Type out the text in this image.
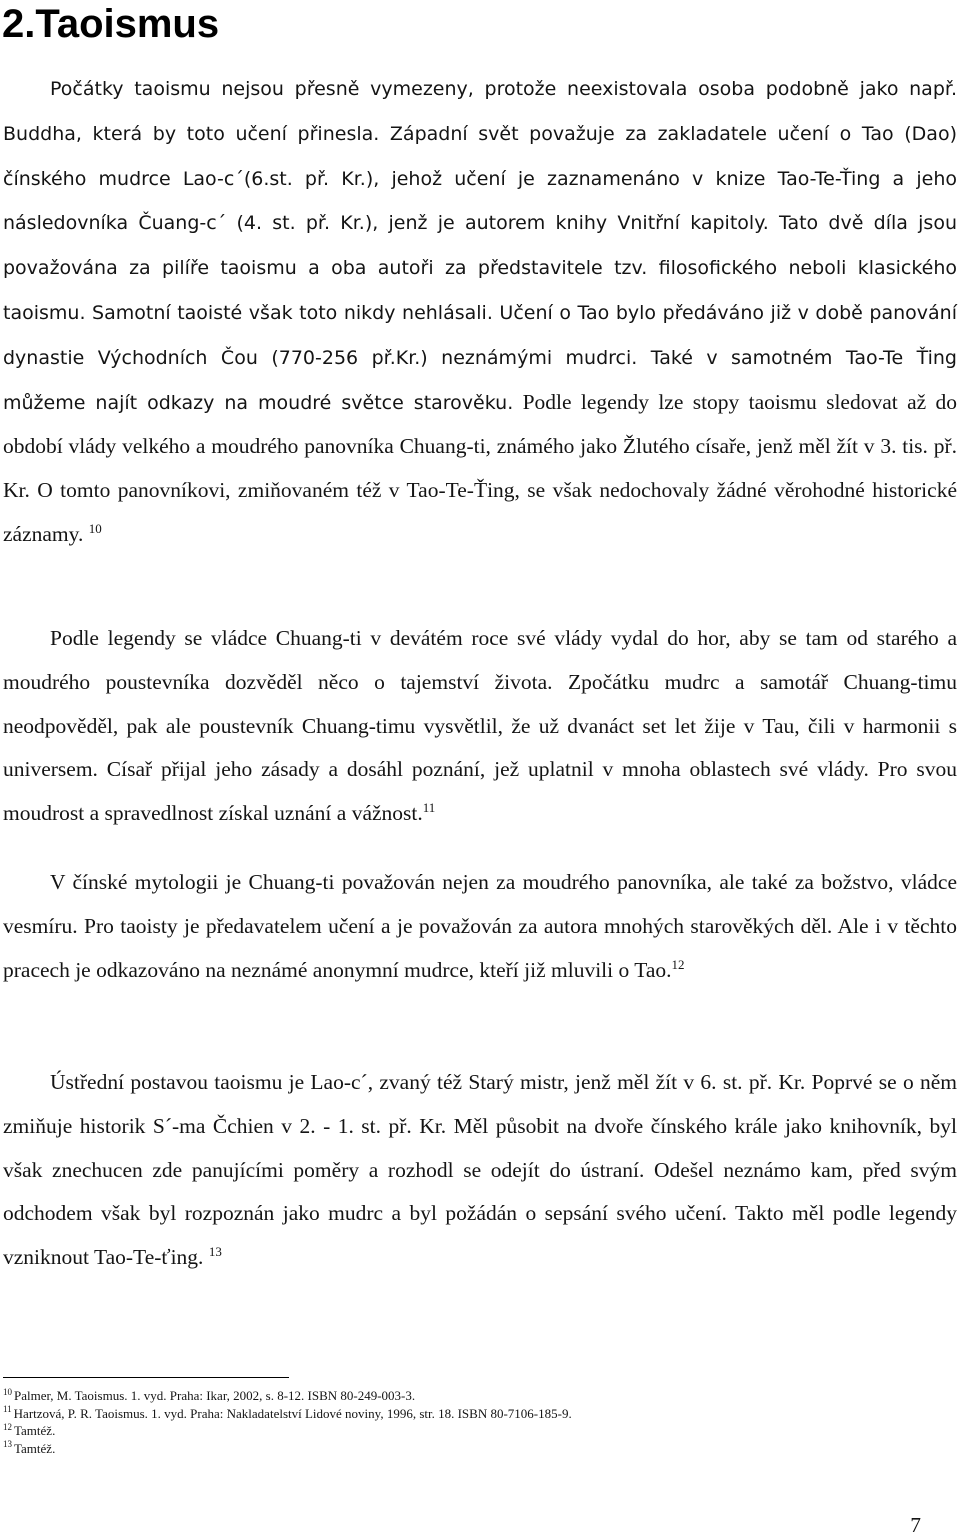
2.Taoismus

Počátky taoismu nejsou přesně vymezeny, protože neexistovala osoba podobně jako např. Buddha, která by toto učení přinesla. Západní svět považuje za zakladatele učení o Tao (Dao) čínského mudrce Lao-c´(6.st. př. Kr.), jehož učení je zaznamenáno v knize Tao-Te-Ťing a jeho následovníka Čuang-c´ (4. st. př. Kr.), jenž je autorem knihy Vnitřní kapitoly. Tato dvě díla jsou považována za pilíře taoismu a oba autoři za představitele tzv. filosofického neboli klasického taoismu. Samotní taoisté však toto nikdy nehlásali. Učení o Tao bylo předáváno již v době panování dynastie Východních Čou (770-256 př.Kr.) neznámými mudrci. Také v samotném Tao-Te Ťing můžeme najít odkazy na moudré světce starověku. Podle legendy lze stopy taoismu sledovat až do období vlády velkého a moudrého panovníka Chuang-ti, známého jako Žlutého císaře, jenž měl žít v 3. tis. př. Kr. O tomto panovníkovi, zmiňovaném též v Tao-Te-Ťing, se však nedochovaly žádné věrohodné historické záznamy. $^{10}$

Podle legendy se vládce Chuang-ti v devátém roce své vlády vydal do hor, aby se tam od starého a moudrého poustevníka dozvěděl něco o tajemství života. Zpočátku mudrc a samotář Chuang-timu neodpověděl, pak ale poustevník Chuang-timu vysvětlil, že už dvanáct set let žije v Tau, čili v harmonii s universem. Císař přijal jeho zásady a dosáhl poznání, jež uplatnil v mnoha oblastech své vlády. Pro svou moudrost a spravedlnost získal uznání a vážnost.$^{11}$

V čínské mytologii je Chuang-ti považován nejen za moudrého panovníka, ale také za božstvo, vládce vesmíru. Pro taoisty je předavatelem učení a je považován za autora mnohých starověkých děl. Ale i v těchto pracech je odkazováno na neznámé anonymní mudrce, kteří již mluvili o Tao.$^{12}$

Ústřední postavou taoismu je Lao-c´, zvaný též Starý mistr, jenž měl žít v 6. st. př. Kr. Poprvé se o něm zmiňuje historik S´-ma Čchien v 2. - 1. st. př. Kr. Měl působit na dvoře čínského krále jako knihovník, byl však znechucen zde panujícími poměry a rozhodl se odejít do ústraní. Odešel neznámo kam, před svým odchodem však byl rozpoznán jako mudrc a byl požádán o sepsání svého učení. Takto měl podle legendy vzniknout Tao-Te-ťing. $^{13}$

$^{10}$ Palmer, M. Taoismus. 1. vyd. Praha: Ikar, 2002, s. 8-12. ISBN 80-249-003-3.

$^{11}$ Hartzová, P. R. Taoismus. 1. vyd. Praha: Nakladatelství Lidové noviny, 1996, str. 18. ISBN 80-7106-185-9.

$^{12}$ Tamtéž.

$^{13}$ Tamtéž.

7
